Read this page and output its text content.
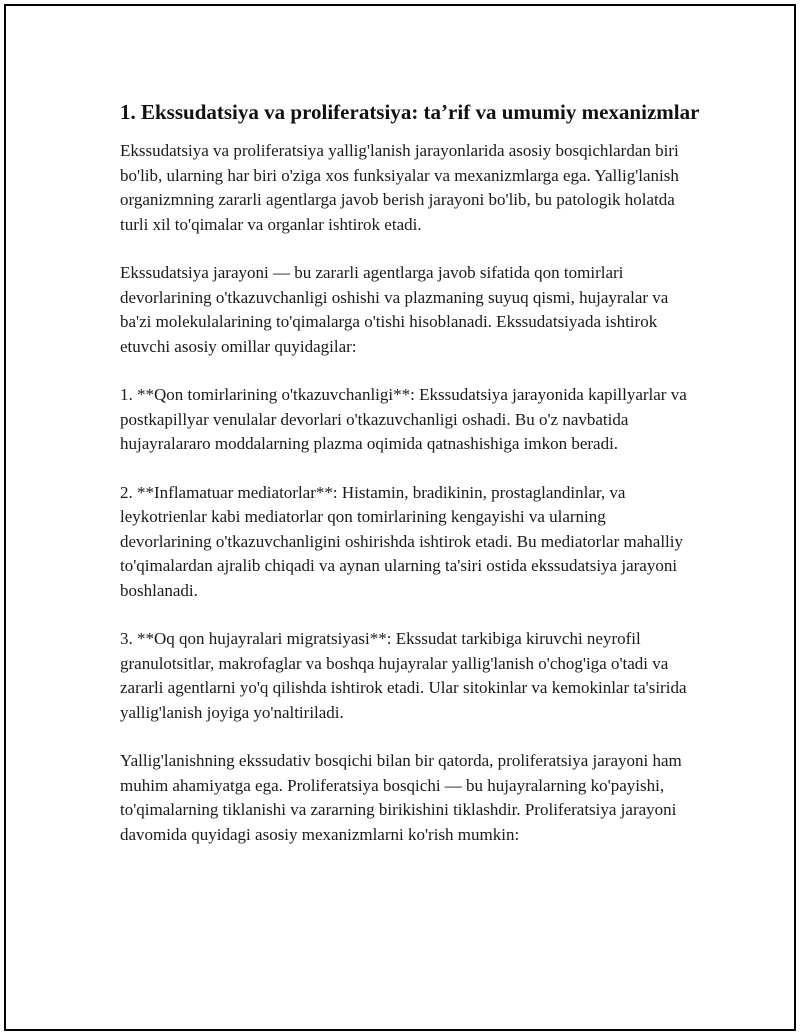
1. Ekssudatsiya va proliferatsiya: ta’rif va umumiy mexanizmlar

Ekssudatsiya va proliferatsiya yallig'lanish jarayonlarida asosiy bosqichlardan biri bo'lib, ularning har biri o'ziga xos funksiyalar va mexanizmlarga ega. Yallig'lanish organizmning zararli agentlarga javob berish jarayoni bo'lib, bu patologik holatda turli xil to'qimalar va organlar ishtirok etadi.

Ekssudatsiya jarayoni — bu zararli agentlarga javob sifatida qon tomirlari devorlarining o'tkazuvchanligi oshishi va plazmaning suyuq qismi, hujayralar va ba'zi molekulalarining to'qimalarga o'tishi hisoblanadi. Ekssudatsiyada ishtirok etuvchi asosiy omillar quyidagilar:

1. **Qon tomirlarining o'tkazuvchanligi**: Ekssudatsiya jarayonida kapillyarlar va postkapillyar venulalar devorlari o'tkazuvchanligi oshadi. Bu o'z navbatida hujayralararo moddalarning plazma oqimida qatnashishiga imkon beradi.

2. **Inflamatuar mediatorlar**: Histamin, bradikinin, prostaglandinlar, va leykotrienlar kabi mediatorlar qon tomirlarining kengayishi va ularning devorlarining o'tkazuvchanligini oshirishda ishtirok etadi. Bu mediatorlar mahalliy to'qimalardan ajralib chiqadi va aynan ularning ta'siri ostida ekssudatsiya jarayoni boshlanadi.

3. **Oq qon hujayralari migratsiyasi**: Ekssudat tarkibiga kiruvchi neyrofil granulotsitlar, makrofaglar va boshqa hujayralar yallig'lanish o'chog'iga o'tadi va zararli agentlarni yo'q qilishda ishtirok etadi. Ular sitokinlar va kemokinlar ta'sirida yallig'lanish joyiga yo'naltiriladi.

Yallig'lanishning ekssudativ bosqichi bilan bir qatorda, proliferatsiya jarayoni ham muhim ahamiyatga ega. Proliferatsiya bosqichi — bu hujayralarning ko'payishi, to'qimalarning tiklanishi va zararning birikishini tiklashdir. Proliferatsiya jarayoni davomida quyidagi asosiy mexanizmlarni ko'rish mumkin:
